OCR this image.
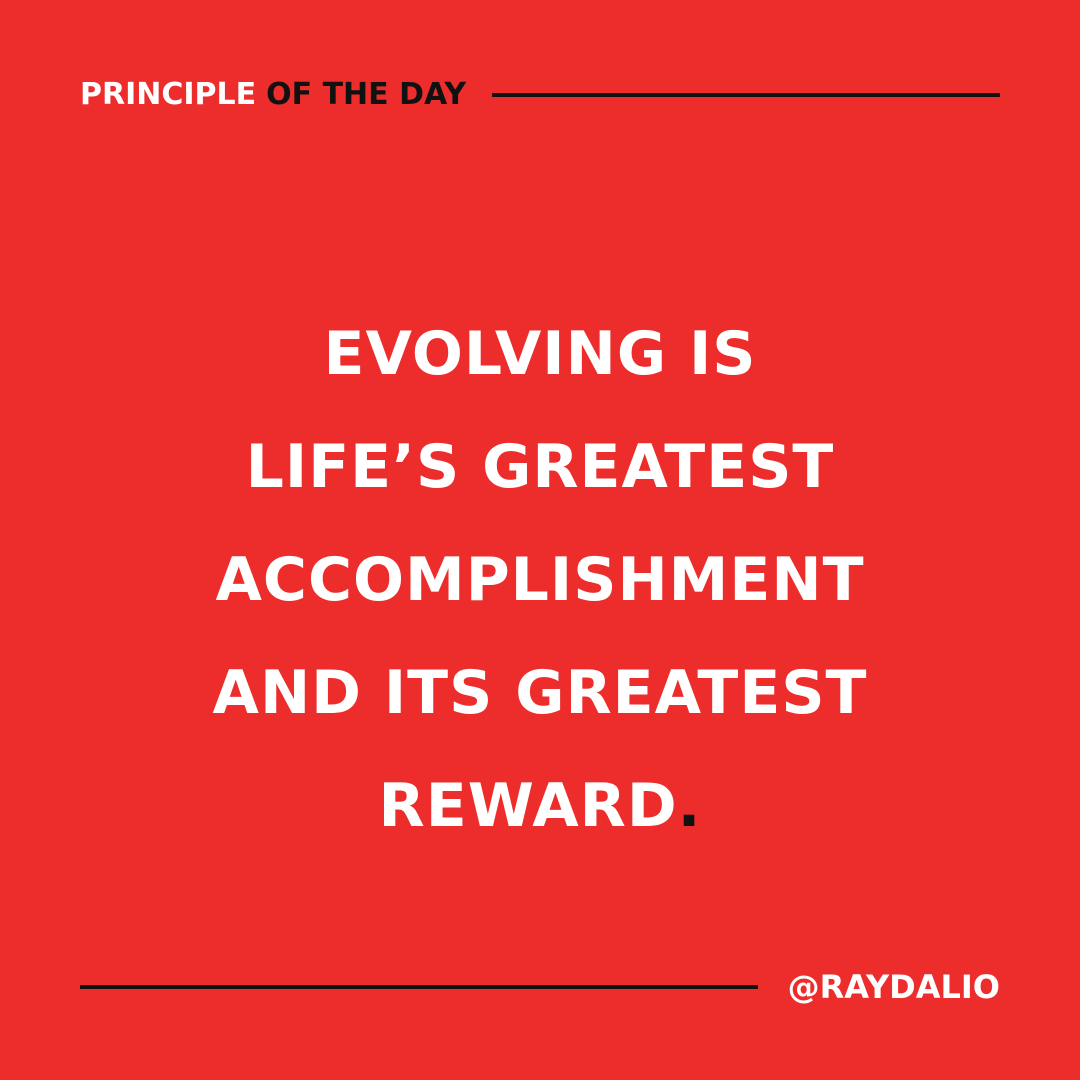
PRINCIPLE OF THE DAY
EVOLVING IS
LIFE’S GREATEST
ACCOMPLISHMENT
AND ITS GREATEST
REWARD.
@RAYDALIO
